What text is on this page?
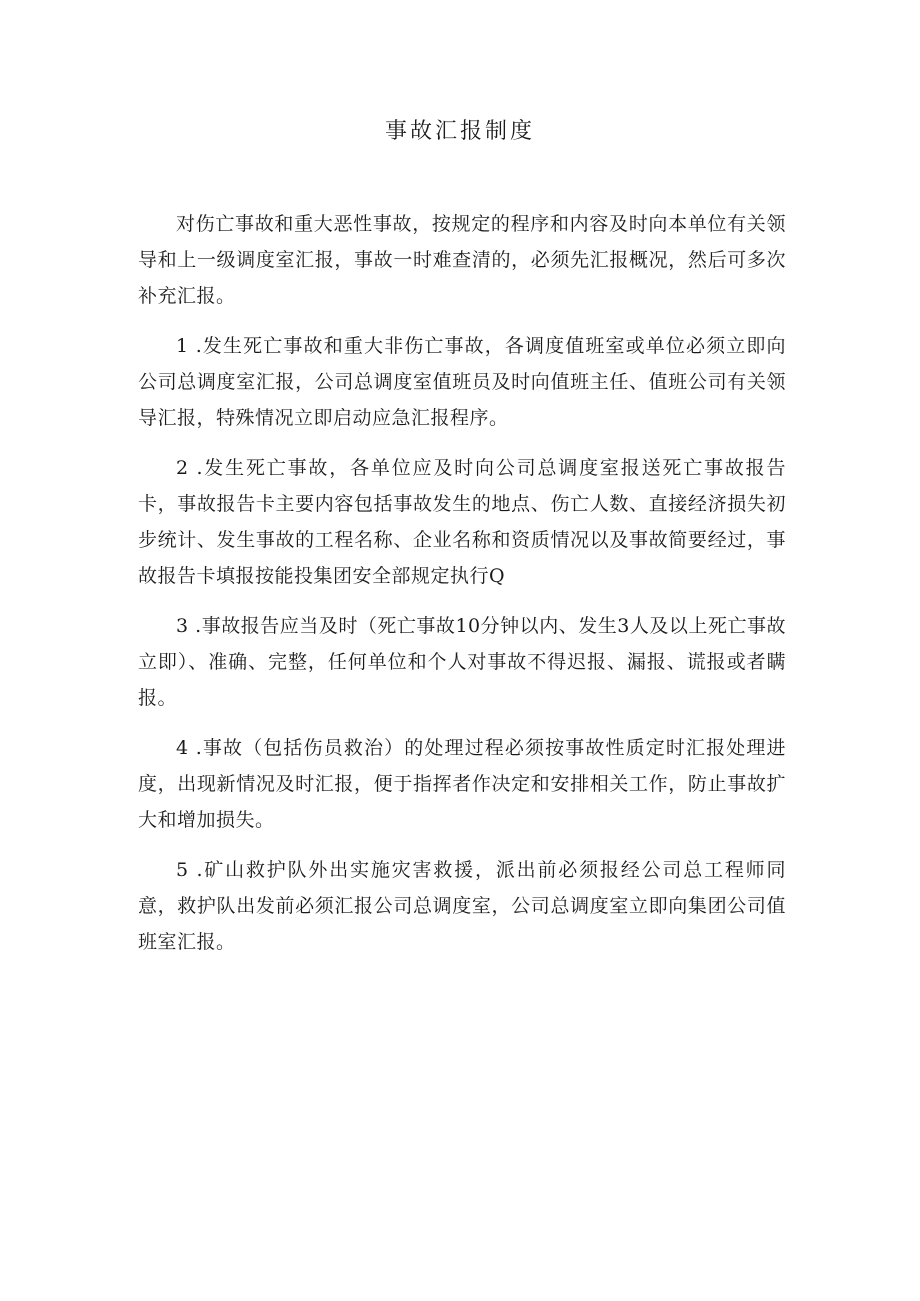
事故汇报制度

对伤亡事故和重大恶性事故，按规定的程序和内容及时向本单位有关领导和上一级调度室汇报，事故一时难查清的，必须先汇报概况，然后可多次补充汇报。

1 .发生死亡事故和重大非伤亡事故，各调度值班室或单位必须立即向公司总调度室汇报，公司总调度室值班员及时向值班主任、值班公司有关领导汇报，特殊情况立即启动应急汇报程序。

2 .发生死亡事故，各单位应及时向公司总调度室报送死亡事故报告卡，事故报告卡主要内容包括事故发生的地点、伤亡人数、直接经济损失初步统计、发生事故的工程名称、企业名称和资质情况以及事故简要经过，事故报告卡填报按能投集团安全部规定执行Q

3 .事故报告应当及时（死亡事故10分钟以内、发生3人及以上死亡事故立即）、准确、完整，任何单位和个人对事故不得迟报、漏报、谎报或者瞒报。

4 .事故（包括伤员救治）的处理过程必须按事故性质定时汇报处理进度，出现新情况及时汇报，便于指挥者作决定和安排相关工作，防止事故扩大和增加损失。

5 .矿山救护队外出实施灾害救援，派出前必须报经公司总工程师同意，救护队出发前必须汇报公司总调度室，公司总调度室立即向集团公司值班室汇报。
